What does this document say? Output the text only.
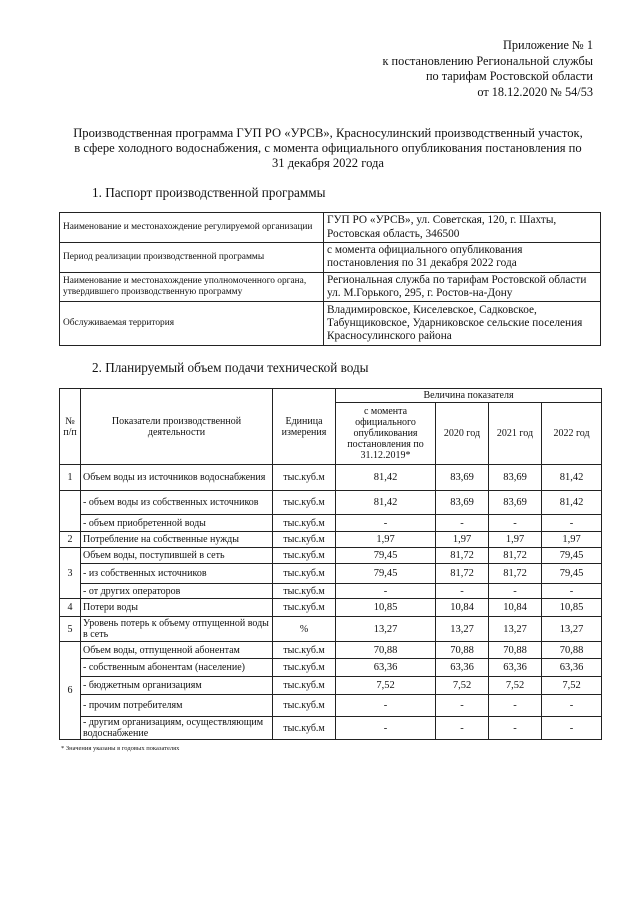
Приложение № 1
к постановлению Региональной службы
по тарифам Ростовской области
от 18.12.2020 № 54/53
Производственная программа ГУП РО «УРСВ», Красносулинский производственный участок,
в сфере холодного водоснабжения, с момента официального опубликования постановления по
31 декабря 2022 года
1. Паспорт производственной программы
Наименование и местонахождение регулируемой организации	ГУП РО «УРСВ», ул. Советская, 120, г. Шахты, Ростовская область, 346500
Период реализации производственной программы	с момента официального опубликования постановления по 31 декабря 2022 года
Наименование и местонахождение уполномоченного органа, утвердившего производственную программу	Региональная служба по тарифам Ростовской области ул. М.Горького, 295, г. Ростов-на-Дону
Обслуживаемая территория	Владимировское, Киселевское, Садковское, Табунщиковское, Ударниковское сельские поселения Красносулинского района
2. Планируемый объем подачи технической воды
№ п/п	Показатели производственной деятельности	Единица измерения	Величина показателя			
			с момента официального опубликования постановления по 31.12.2019*	2020 год	2021 год	2022 год
1	Объем воды из источников водоснабжения	тыс.куб.м	81,42	83,69	83,69	81,42
	- объем воды из собственных источников	тыс.куб.м	81,42	83,69	83,69	81,42
	- объем приобретенной воды	тыс.куб.м	-	-	-	-
2	Потребление на собственные нужды	тыс.куб.м	1,97	1,97	1,97	1,97
3	Объем воды, поступившей в сеть	тыс.куб.м	79,45	81,72	81,72	79,45
	- из собственных источников	тыс.куб.м	79,45	81,72	81,72	79,45
	- от других операторов	тыс.куб.м	-	-	-	-
4	Потери воды	тыс.куб.м	10,85	10,84	10,84	10,85
5	Уровень потерь к объему отпущенной воды в сеть	%	13,27	13,27	13,27	13,27
6	Объем воды, отпущенной абонентам	тыс.куб.м	70,88	70,88	70,88	70,88
	- собственным абонентам (население)	тыс.куб.м	63,36	63,36	63,36	63,36
	- бюджетным организациям	тыс.куб.м	7,52	7,52	7,52	7,52
	- прочим потребителям	тыс.куб.м	-	-	-	-
	- другим организациям, осуществляющим водоснабжение	тыс.куб.м	-	-	-	-
* Значения указаны в годовых показателях
